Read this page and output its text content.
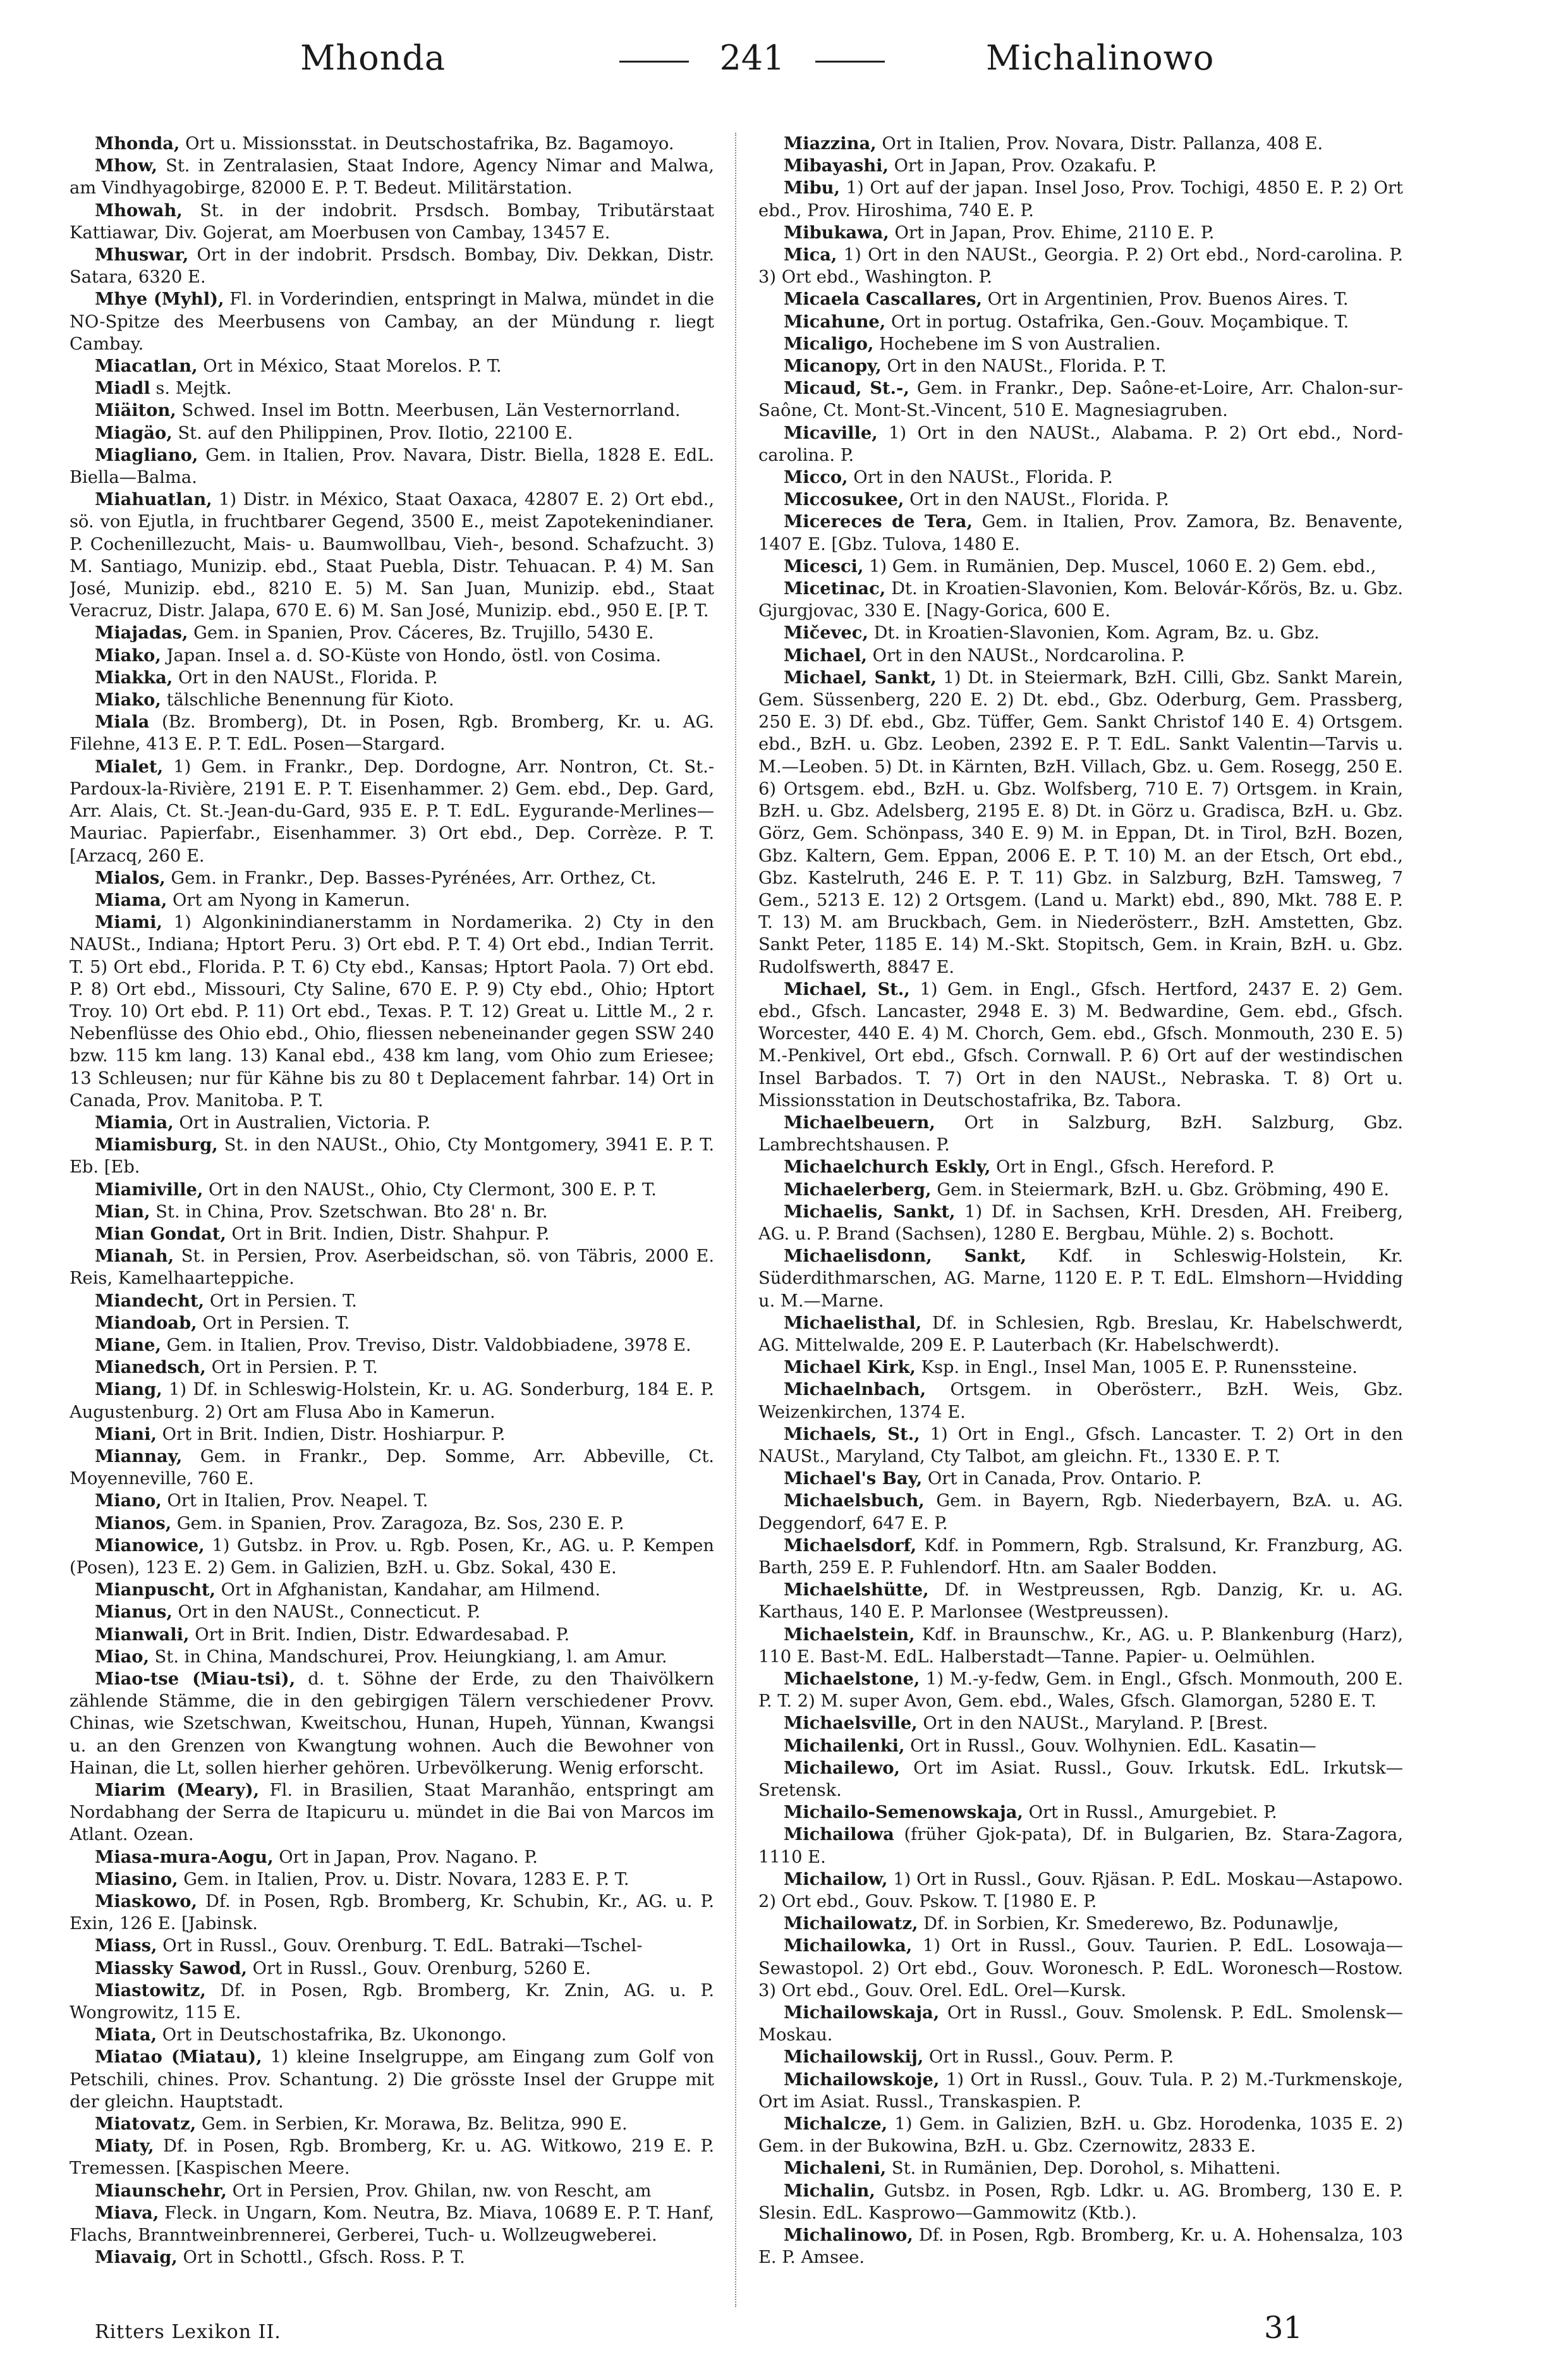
Mhonda	241	Michalinowo

Mhonda, Ort u. Missionsstat. in Deutschostafrika, Bz. Bagamoyo.

Mhow, St. in Zentralasien, Staat Indore, Agency Nimar and Malwa, am Vindhyagobirge, 82000 E. P. T. Bedeut. Militärstation.

Mhowah, St. in der indobrit. Prsdsch. Bombay, Tributärstaat Kattiawar, Div. Gojerat, am Moerbusen von Cambay, 13457 E.

Mhuswar, Ort in der indobrit. Prsdsch. Bombay, Div. Dekkan, Distr. Satara, 6320 E.

Mhye (Myhl), Fl. in Vorderindien, entspringt in Malwa, mündet in die NO-Spitze des Meerbusens von Cambay, an der Mündung r. liegt Cambay.

Miacatlan, Ort in México, Staat Morelos. P. T.

Miadl s. Mejtk.

Miäiton, Schwed. Insel im Bottn. Meerbusen, Län Vesternorrland.

Miagäo, St. auf den Philippinen, Prov. Ilotio, 22100 E.

Miagliano, Gem. in Italien, Prov. Navara, Distr. Biella, 1828 E. EdL. Biella—Balma.

Miahuatlan, 1) Distr. in México, Staat Oaxaca, 42807 E. 2) Ort ebd., sö. von Ejutla, in fruchtbarer Gegend, 3500 E., meist Zapotekenindianer. P. Cochenillezucht, Mais- u. Baumwollbau, Vieh-, besond. Schafzucht. 3) M. Santiago, Munizip. ebd., Staat Puebla, Distr. Tehuacan. P. 4) M. San José, Munizip. ebd., 8210 E. 5) M. San Juan, Munizip. ebd., Staat Veracruz, Distr. Jalapa, 670 E. 6) M. San José, Munizip. ebd., 950 E. [P. T.

Miajadas, Gem. in Spanien, Prov. Cáceres, Bz. Trujillo, 5430 E.

Miako, Japan. Insel a. d. SO-Küste von Hondo, östl. von Cosima.

Miakka, Ort in den NAUSt., Florida. P.

Miako, tälschliche Benennung für Kioto.

Miala (Bz. Bromberg), Dt. in Posen, Rgb. Bromberg, Kr. u. AG. Filehne, 413 E. P. T. EdL. Posen—Stargard.

Mialet, 1) Gem. in Frankr., Dep. Dordogne, Arr. Nontron, Ct. St.-Pardoux-la-Rivière, 2191 E. P. T. Eisenhammer. 2) Gem. ebd., Dep. Gard, Arr. Alais, Ct. St.-Jean-du-Gard, 935 E. P. T. EdL. Eygurande-Merlines—Mauriac. Papierfabr., Eisenhammer. 3) Ort ebd., Dep. Corrèze. P. T. [Arzacq, 260 E.

Mialos, Gem. in Frankr., Dep. Basses-Pyrénées, Arr. Orthez, Ct.

Miama, Ort am Nyong in Kamerun.

Miami, 1) Algonkinindianerstamm in Nordamerika. 2) Cty in den NAUSt., Indiana; Hptort Peru. 3) Ort ebd. P. T. 4) Ort ebd., Indian Territ. T. 5) Ort ebd., Florida. P. T. 6) Cty ebd., Kansas; Hptort Paola. 7) Ort ebd. P. 8) Ort ebd., Missouri, Cty Saline, 670 E. P. 9) Cty ebd., Ohio; Hptort Troy. 10) Ort ebd. P. 11) Ort ebd., Texas. P. T. 12) Great u. Little M., 2 r. Nebenflüsse des Ohio ebd., Ohio, fliessen nebeneinander gegen SSW 240 bzw. 115 km lang. 13) Kanal ebd., 438 km lang, vom Ohio zum Eriesee; 13 Schleusen; nur für Kähne bis zu 80 t Deplacement fahrbar. 14) Ort in Canada, Prov. Manitoba. P. T.

Miamia, Ort in Australien, Victoria. P.

Miamisburg, St. in den NAUSt., Ohio, Cty Montgomery, 3941 E. P. T. Eb. [Eb.

Miamiville, Ort in den NAUSt., Ohio, Cty Clermont, 300 E. P. T.

Mian, St. in China, Prov. Szetschwan. Bto 28' n. Br.

Mian Gondat, Ort in Brit. Indien, Distr. Shahpur. P.

Mianah, St. in Persien, Prov. Aserbeidschan, sö. von Täbris, 2000 E. Reis, Kamelhaarteppiche.

Miandecht, Ort in Persien. T.

Miandoab, Ort in Persien. T.

Miane, Gem. in Italien, Prov. Treviso, Distr. Valdobbiadene, 3978 E.

Mianedsch, Ort in Persien. P. T.

Miang, 1) Df. in Schleswig-Holstein, Kr. u. AG. Sonderburg, 184 E. P. Augustenburg. 2) Ort am Flusa Abo in Kamerun.

Miani, Ort in Brit. Indien, Distr. Hoshiarpur. P.

Miannay, Gem. in Frankr., Dep. Somme, Arr. Abbeville, Ct. Moyenneville, 760 E.

Miano, Ort in Italien, Prov. Neapel. T.

Mianos, Gem. in Spanien, Prov. Zaragoza, Bz. Sos, 230 E. P.

Mianowice, 1) Gutsbz. in Prov. u. Rgb. Posen, Kr., AG. u. P. Kempen (Posen), 123 E. 2) Gem. in Galizien, BzH. u. Gbz. Sokal, 430 E.

Mianpuscht, Ort in Afghanistan, Kandahar, am Hilmend.

Mianus, Ort in den NAUSt., Connecticut. P.

Mianwali, Ort in Brit. Indien, Distr. Edwardesabad. P.

Miao, St. in China, Mandschurei, Prov. Heiungkiang, l. am Amur.

Miao-tse (Miau-tsi), d. t. Söhne der Erde, zu den Thaivölkern zählende Stämme, die in den gebirgigen Tälern verschiedener Provv. Chinas, wie Szetschwan, Kweitschou, Hunan, Hupeh, Yünnan, Kwangsi u. an den Grenzen von Kwangtung wohnen. Auch die Bewohner von Hainan, die Lt, sollen hierher gehören. Urbevölkerung. Wenig erforscht.

Miarim (Meary), Fl. in Brasilien, Staat Maranhão, entspringt am Nordabhang der Serra de Itapicuru u. mündet in die Bai von Marcos im Atlant. Ozean.

Miasa-mura-Aogu, Ort in Japan, Prov. Nagano. P.

Miasino, Gem. in Italien, Prov. u. Distr. Novara, 1283 E. P. T.

Miaskowo, Df. in Posen, Rgb. Bromberg, Kr. Schubin, Kr., AG. u. P. Exin, 126 E. [Jabinsk.

Miass, Ort in Russl., Gouv. Orenburg. T. EdL. Batraki—Tschel-

Miassky Sawod, Ort in Russl., Gouv. Orenburg, 5260 E.

Miastowitz, Df. in Posen, Rgb. Bromberg, Kr. Znin, AG. u. P. Wongrowitz, 115 E.

Miata, Ort in Deutschostafrika, Bz. Ukonongo.

Miatao (Miatau), 1) kleine Inselgruppe, am Eingang zum Golf von Petschili, chines. Prov. Schantung. 2) Die grösste Insel der Gruppe mit der gleichn. Hauptstadt.

Miatovatz, Gem. in Serbien, Kr. Morawa, Bz. Belitza, 990 E.

Miaty, Df. in Posen, Rgb. Bromberg, Kr. u. AG. Witkowo, 219 E. P. Tremessen. [Kaspischen Meere.

Miaunschehr, Ort in Persien, Prov. Ghilan, nw. von Rescht, am

Miava, Fleck. in Ungarn, Kom. Neutra, Bz. Miava, 10689 E. P. T. Hanf, Flachs, Branntweinbrennerei, Gerberei, Tuch- u. Wollzeugweberei.

Miavaig, Ort in Schottl., Gfsch. Ross. P. T.

Miazzina, Ort in Italien, Prov. Novara, Distr. Pallanza, 408 E.

Mibayashi, Ort in Japan, Prov. Ozakafu. P.

Mibu, 1) Ort auf der japan. Insel Joso, Prov. Tochigi, 4850 E. P. 2) Ort ebd., Prov. Hiroshima, 740 E. P.

Mibukawa, Ort in Japan, Prov. Ehime, 2110 E. P.

Mica, 1) Ort in den NAUSt., Georgia. P. 2) Ort ebd., Nord-carolina. P. 3) Ort ebd., Washington. P.

Micaela Cascallares, Ort in Argentinien, Prov. Buenos Aires. T.

Micahune, Ort in portug. Ostafrika, Gen.-Gouv. Moçambique. T.

Micaligo, Hochebene im S von Australien.

Micanopy, Ort in den NAUSt., Florida. P. T.

Micaud, St.-, Gem. in Frankr., Dep. Saône-et-Loire, Arr. Chalon-sur-Saône, Ct. Mont-St.-Vincent, 510 E. Magnesiagruben.

Micaville, 1) Ort in den NAUSt., Alabama. P. 2) Ort ebd., Nord-carolina. P.

Micco, Ort in den NAUSt., Florida. P.

Miccosukee, Ort in den NAUSt., Florida. P.

Micereces de Tera, Gem. in Italien, Prov. Zamora, Bz. Benavente, 1407 E. [Gbz. Tulova, 1480 E.

Micesci, 1) Gem. in Rumänien, Dep. Muscel, 1060 E. 2) Gem. ebd.,

Micetinac, Dt. in Kroatien-Slavonien, Kom. Belovár-Kőrös, Bz. u. Gbz. Gjurgjovac, 330 E. [Nagy-Gorica, 600 E.

Mičevec, Dt. in Kroatien-Slavonien, Kom. Agram, Bz. u. Gbz.

Michael, Ort in den NAUSt., Nordcarolina. P.

Michael, Sankt, 1) Dt. in Steiermark, BzH. Cilli, Gbz. Sankt Marein, Gem. Süssenberg, 220 E. 2) Dt. ebd., Gbz. Oderburg, Gem. Prassberg, 250 E. 3) Df. ebd., Gbz. Tüffer, Gem. Sankt Christof 140 E. 4) Ortsgem. ebd., BzH. u. Gbz. Leoben, 2392 E. P. T. EdL. Sankt Valentin—Tarvis u. M.—Leoben. 5) Dt. in Kärnten, BzH. Villach, Gbz. u. Gem. Rosegg, 250 E. 6) Ortsgem. ebd., BzH. u. Gbz. Wolfsberg, 710 E. 7) Ortsgem. in Krain, BzH. u. Gbz. Adelsberg, 2195 E. 8) Dt. in Görz u. Gradisca, BzH. u. Gbz. Görz, Gem. Schönpass, 340 E. 9) M. in Eppan, Dt. in Tirol, BzH. Bozen, Gbz. Kaltern, Gem. Eppan, 2006 E. P. T. 10) M. an der Etsch, Ort ebd., Gbz. Kastelruth, 246 E. P. T. 11) Gbz. in Salzburg, BzH. Tamsweg, 7 Gem., 5213 E. 12) 2 Ortsgem. (Land u. Markt) ebd., 890, Mkt. 788 E. P. T. 13) M. am Bruckbach, Gem. in Niederösterr., BzH. Amstetten, Gbz. Sankt Peter, 1185 E. 14) M.-Skt. Stopitsch, Gem. in Krain, BzH. u. Gbz. Rudolfswerth, 8847 E.

Michael, St., 1) Gem. in Engl., Gfsch. Hertford, 2437 E. 2) Gem. ebd., Gfsch. Lancaster, 2948 E. 3) M. Bedwardine, Gem. ebd., Gfsch. Worcester, 440 E. 4) M. Chorch, Gem. ebd., Gfsch. Monmouth, 230 E. 5) M.-Penkivel, Ort ebd., Gfsch. Cornwall. P. 6) Ort auf der westindischen Insel Barbados. T. 7) Ort in den NAUSt., Nebraska. T. 8) Ort u. Missionsstation in Deutschostafrika, Bz. Tabora.

Michaelbeuern, Ort in Salzburg, BzH. Salzburg, Gbz. Lambrechtshausen. P.

Michaelchurch Eskly, Ort in Engl., Gfsch. Hereford. P.

Michaelerberg, Gem. in Steiermark, BzH. u. Gbz. Gröbming, 490 E.

Michaelis, Sankt, 1) Df. in Sachsen, KrH. Dresden, AH. Freiberg, AG. u. P. Brand (Sachsen), 1280 E. Bergbau, Mühle. 2) s. Bochott.

Michaelisdonn, Sankt, Kdf. in Schleswig-Holstein, Kr. Süderdithmarschen, AG. Marne, 1120 E. P. T. EdL. Elmshorn—Hvidding u. M.—Marne.

Michaelisthal, Df. in Schlesien, Rgb. Breslau, Kr. Habelschwerdt, AG. Mittelwalde, 209 E. P. Lauterbach (Kr. Habelschwerdt).

Michael Kirk, Ksp. in Engl., Insel Man, 1005 E. P. Runenssteine.

Michaelnbach, Ortsgem. in Oberösterr., BzH. Weis, Gbz. Weizenkirchen, 1374 E.

Michaels, St., 1) Ort in Engl., Gfsch. Lancaster. T. 2) Ort in den NAUSt., Maryland, Cty Talbot, am gleichn. Ft., 1330 E. P. T.

Michael's Bay, Ort in Canada, Prov. Ontario. P.

Michaelsbuch, Gem. in Bayern, Rgb. Niederbayern, BzA. u. AG. Deggendorf, 647 E. P.

Michaelsdorf, Kdf. in Pommern, Rgb. Stralsund, Kr. Franzburg, AG. Barth, 259 E. P. Fuhlendorf. Htn. am Saaler Bodden.

Michaelshütte, Df. in Westpreussen, Rgb. Danzig, Kr. u. AG. Karthaus, 140 E. P. Marlonsee (Westpreussen).

Michaelstein, Kdf. in Braunschw., Kr., AG. u. P. Blankenburg (Harz), 110 E. Bast-M. EdL. Halberstadt—Tanne. Papier- u. Oelmühlen.

Michaelstone, 1) M.-y-fedw, Gem. in Engl., Gfsch. Monmouth, 200 E. P. T. 2) M. super Avon, Gem. ebd., Wales, Gfsch. Glamorgan, 5280 E. T.

Michaelsville, Ort in den NAUSt., Maryland. P. [Brest.

Michailenki, Ort in Russl., Gouv. Wolhynien. EdL. Kasatin—

Michailewo, Ort im Asiat. Russl., Gouv. Irkutsk. EdL. Irkutsk—Sretensk.

Michailo-Semenowskaja, Ort in Russl., Amurgebiet. P.

Michailowa (früher Gjok-pata), Df. in Bulgarien, Bz. Stara-Zagora, 1110 E.

Michailow, 1) Ort in Russl., Gouv. Rjäsan. P. EdL. Moskau—Astapowo. 2) Ort ebd., Gouv. Pskow. T. [1980 E. P.

Michailowatz, Df. in Sorbien, Kr. Smederewo, Bz. Podunawlje,

Michailowka, 1) Ort in Russl., Gouv. Taurien. P. EdL. Losowaja—Sewastopol. 2) Ort ebd., Gouv. Woronesch. P. EdL. Woronesch—Rostow. 3) Ort ebd., Gouv. Orel. EdL. Orel—Kursk.

Michailowskaja, Ort in Russl., Gouv. Smolensk. P. EdL. Smolensk—Moskau.

Michailowskij, Ort in Russl., Gouv. Perm. P.

Michailowskoje, 1) Ort in Russl., Gouv. Tula. P. 2) M.-Turkmenskoje, Ort im Asiat. Russl., Transkaspien. P.

Michalcze, 1) Gem. in Galizien, BzH. u. Gbz. Horodenka, 1035 E. 2) Gem. in der Bukowina, BzH. u. Gbz. Czernowitz, 2833 E.

Michaleni, St. in Rumänien, Dep. Dorohol, s. Mihatteni.

Michalin, Gutsbz. in Posen, Rgb. Ldkr. u. AG. Bromberg, 130 E. P. Slesin. EdL. Kasprowo—Gammowitz (Ktb.).

Michalinowo, Df. in Posen, Rgb. Bromberg, Kr. u. A. Hohensalza, 103 E. P. Amsee.

Ritters Lexikon II.	31
